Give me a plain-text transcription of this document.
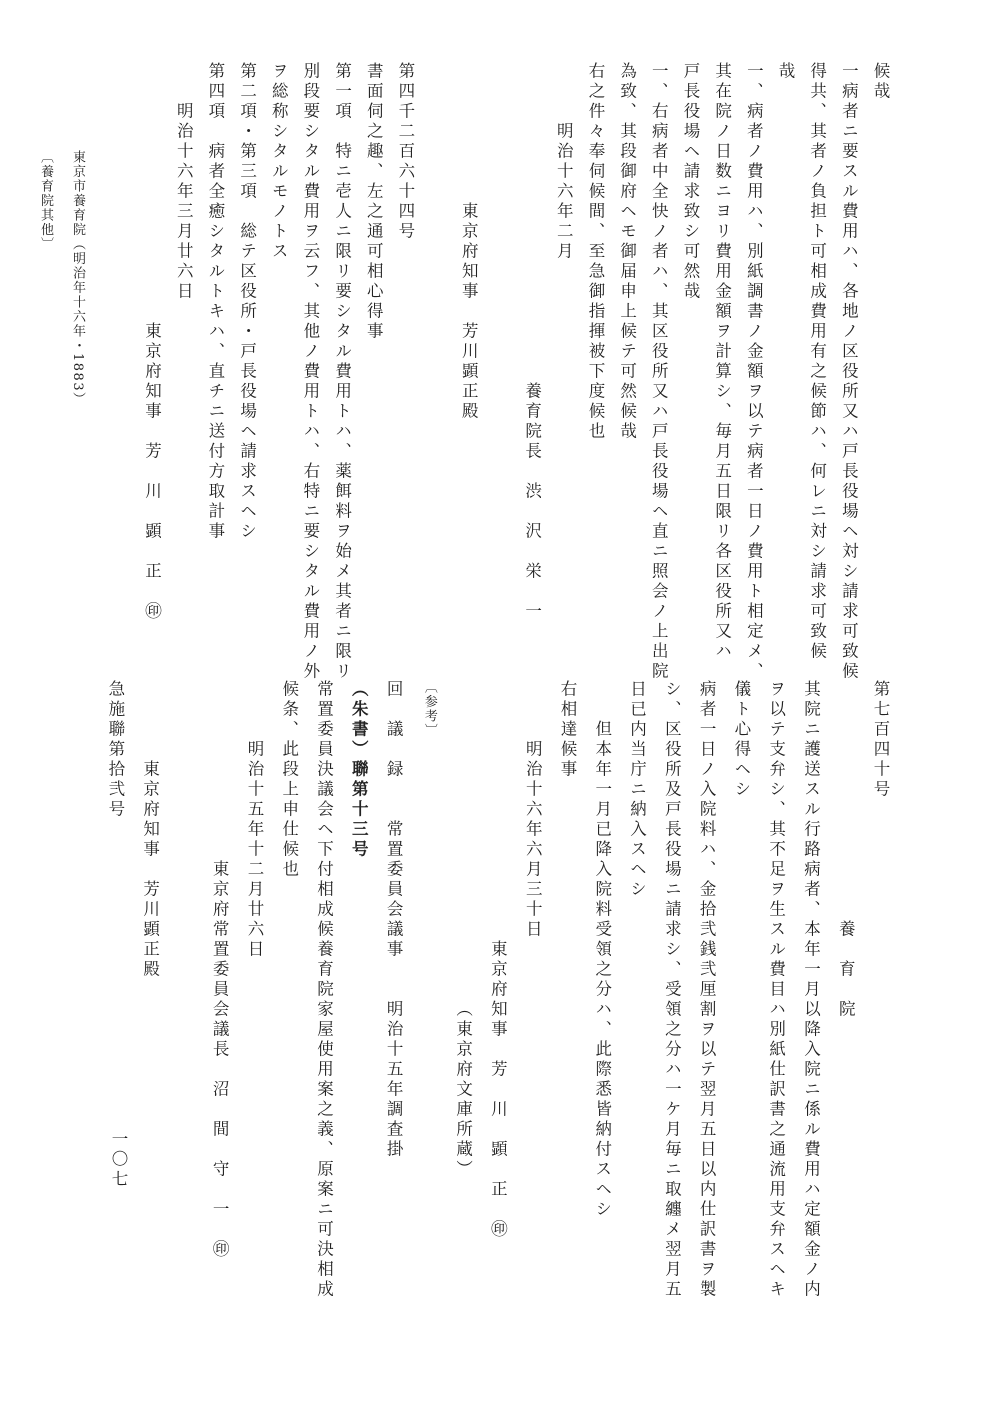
候哉
一病者ニ要スル費用ハ、各地ノ区役所又ハ戸長役場ヘ対シ請求可致候
得共、其者ノ負担ト可相成費用有之候節ハ、何レニ対シ請求可致候
哉
一、病者ノ費用ハ、別紙調書ノ金額ヲ以テ病者一日ノ費用ト相定メ、
其在院ノ日数ニヨリ費用金額ヲ計算シ、毎月五日限リ各区役所又ハ
戸長役場ヘ請求致シ可然哉
一、右病者中全快ノ者ハ、其区役所又ハ戸長役場ヘ直ニ照会ノ上出院
為致、其段御府ヘモ御届申上候テ可然候哉
右之件々奉伺候間、至急御指揮被下度候也
明治十六年二月
養育院長　渋　沢　栄　一
東京府知事　芳川顕正殿
第四千二百六十四号
書面伺之趣、左之通可相心得事
第一項　特ニ壱人ニ限リ要シタル費用トハ、薬餌料ヲ始メ其者ニ限リ
別段要シタル費用ヲ云フ、其他ノ費用トハ、右特ニ要シタル費用ノ外
ヲ総称シタルモノトス
第二項・第三項　総テ区役所・戸長役場ヘ請求スヘシ
第四項　病者全癒シタルトキハ、直チニ送付方取計事
明治十六年三月廿六日
東京府知事　芳　川　顕　正　㊞
第七百四十号
養　育　院
其院ニ護送スル行路病者、本年一月以降入院ニ係ル費用ハ定額金ノ内
ヲ以テ支弁シ、其不足ヲ生スル費目ハ別紙仕訳書之通流用支弁スヘキ
儀ト心得ヘシ
病者一日ノ入院料ハ、金拾弐銭弐厘割ヲ以テ翌月五日以内仕訳書ヲ製
シ、区役所及戸長役場ニ請求シ、受領之分ハ一ケ月毎ニ取纏メ翌月五
日已内当庁ニ納入スヘシ
但本年一月已降入院料受領之分ハ、此際悉皆納付スヘシ
右相達候事
明治十六年六月三十日
東京府知事　芳　川　顕　正　㊞
（東京府文庫所蔵）
〔参考〕
回　議　録　　常置委員会議事　　明治十五年調査掛
（朱書）聯第十三号
常置委員決議会ヘ下付相成候養育院家屋使用案之義、原案ニ可決相成
候条、此段上申仕候也
明治十五年十二月廿六日
東京府常置委員会議長　沼　間　守　一　㊞
東京府知事　芳川顕正殿
急施聯第拾弐号
一〇七
東京市養育院（明治年十六年・1883）
〔養育院其他〕
